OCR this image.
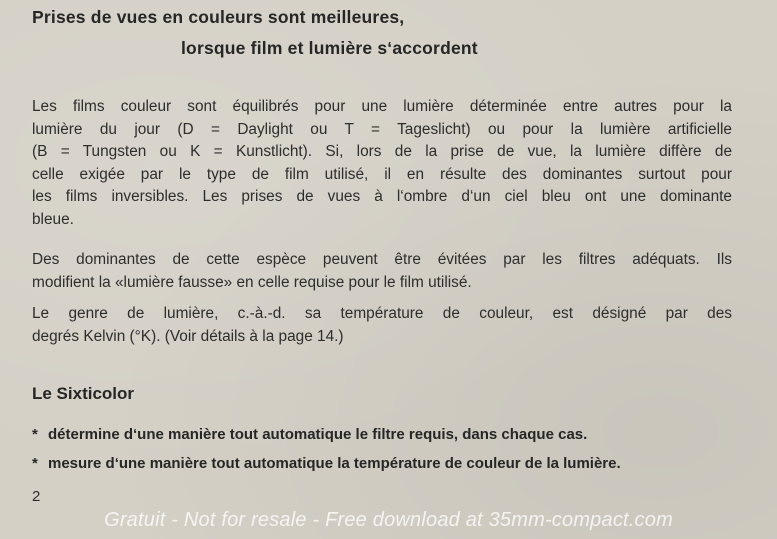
Prises de vues en couleurs sont meilleures,
lorsque film et lumière s‘accordent
Les films couleur sont équilibrés pour une lumière déterminée entre autres pour la
lumière du jour (D = Daylight ou T = Tageslicht) ou pour la lumière artificielle
(B = Tungsten ou K = Kunstlicht). Si, lors de la prise de vue, la lumière diffère de
celle exigée par le type de film utilisé, il en résulte des dominantes surtout pour
les films inversibles. Les prises de vues à l‘ombre d‘un ciel bleu ont une dominante
bleue.
Des dominantes de cette espèce peuvent être évitées par les filtres adéquats. Ils
modifient la «lumière fausse» en celle requise pour le film utilisé.
Le genre de lumière, c.-à.-d. sa température de couleur, est désigné par des
degrés Kelvin (°K). (Voir détails à la page 14.)
Le Sixticolor
* détermine d‘une manière tout automatique le filtre requis, dans chaque cas.
* mesure d‘une manière tout automatique la température de couleur de la lumière.
2
Gratuit - Not for resale - Free download at 35mm-compact.com
